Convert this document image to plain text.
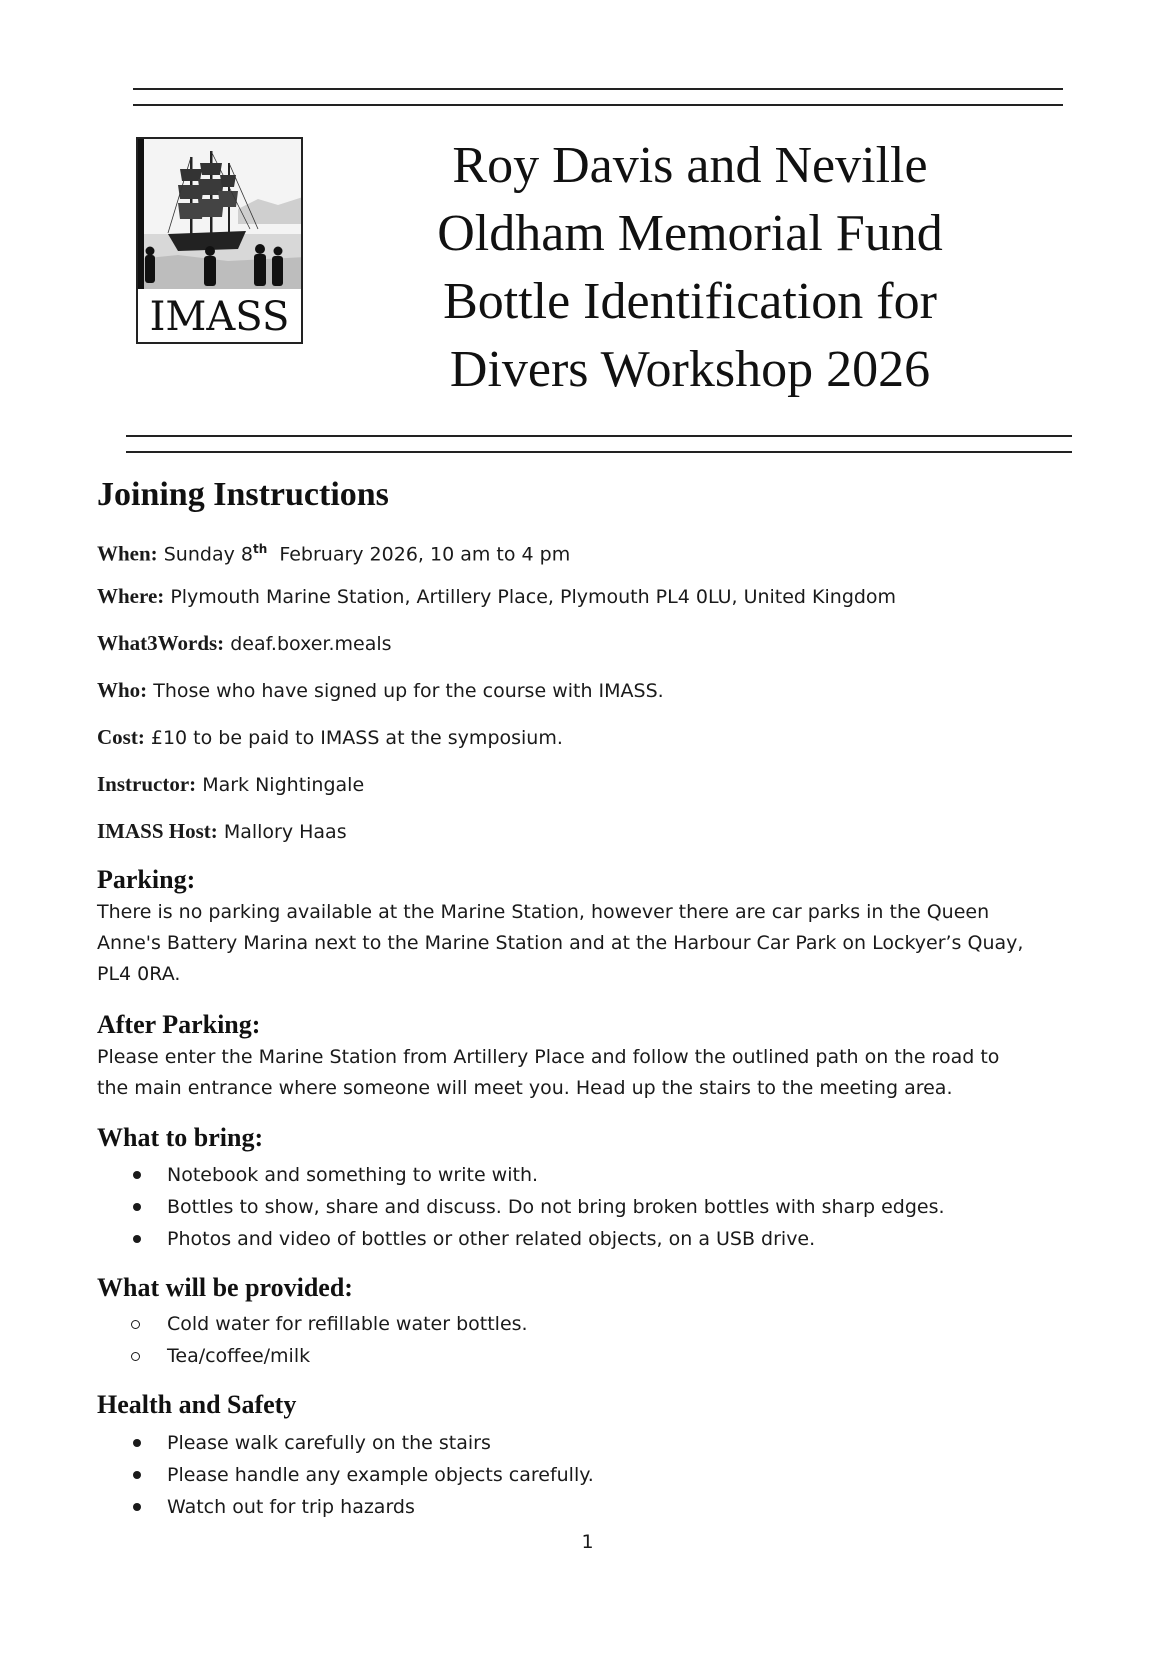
IMASS
Roy Davis and Neville
Oldham Memorial Fund
Bottle Identification for
Divers Workshop 2026
Joining Instructions
When: Sunday 8th  February 2026, 10 am to 4 pm
Where: Plymouth Marine Station, Artillery Place, Plymouth PL4 0LU, United Kingdom
What3Words: deaf.boxer.meals
Who: Those who have signed up for the course with IMASS.
Cost: £10 to be paid to IMASS at the symposium.
Instructor: Mark Nightingale
IMASS Host: Mallory Haas
Parking:
There is no parking available at the Marine Station, however there are car parks in the Queen
Anne's Battery Marina next to the Marine Station and at the Harbour Car Park on Lockyer’s Quay,
PL4 0RA.
After Parking:
Please enter the Marine Station from Artillery Place and follow the outlined path on the road to
the main entrance where someone will meet you. Head up the stairs to the meeting area.
What to bring:
Notebook and something to write with.
Bottles to show, share and discuss. Do not bring broken bottles with sharp edges.
Photos and video of bottles or other related objects, on a USB drive.
What will be provided:
Cold water for refillable water bottles.
Tea/coffee/milk
Health and Safety
Please walk carefully on the stairs
Please handle any example objects carefully.
Watch out for trip hazards
1
